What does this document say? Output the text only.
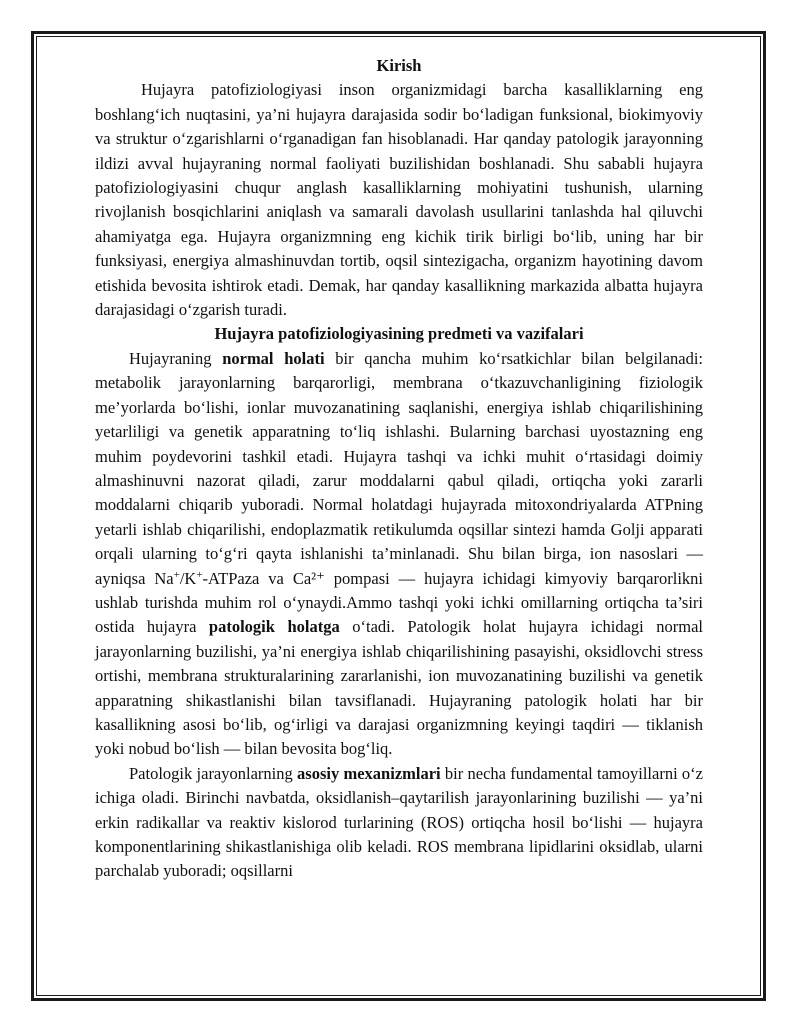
Kirish

Hujayra patofiziologiyasi inson organizmidagi barcha kasalliklarning eng boshlang‘ich nuqtasini, ya’ni hujayra darajasida sodir bo‘ladigan funksional, biokimyoviy va struktur o‘zgarishlarni o‘rganadigan fan hisoblanadi. Har qanday patologik jarayonning ildizi avval hujayraning normal faoliyati buzilishidan boshlanadi. Shu sababli hujayra patofiziologiyasini chuqur anglash kasalliklarning mohiyatini tushunish, ularning rivojlanish bosqichlarini aniqlash va samarali davolash usullarini tanlashda hal qiluvchi ahamiyatga ega. Hujayra organizmning eng kichik tirik birligi bo‘lib, uning har bir funksiyasi, energiya almashinuvdan tortib, oqsil sintezigacha, organizm hayotining davom etishida bevosita ishtirok etadi. Demak, har qanday kasallikning markazida albatta hujayra darajasidagi o‘zgarish turadi.

Hujayra patofiziologiyasining predmeti va vazifalari

Hujayraning normal holati bir qancha muhim ko‘rsatkichlar bilan belgilanadi: metabolik jarayonlarning barqarorligi, membrana o‘tkazuvchanligining fiziologik me’yorlarda bo‘lishi, ionlar muvozanatining saqlanishi, energiya ishlab chiqarilishining yetarliligi va genetik apparatning to‘liq ishlashi. Bularning barchasi uyostazning eng muhim poydevorini tashkil etadi. Hujayra tashqi va ichki muhit o‘rtasidagi doimiy almashinuvni nazorat qiladi, zarur moddalarni qabul qiladi, ortiqcha yoki zararli moddalarni chiqarib yuboradi. Normal holatdagi hujayrada mitoxondriyalarda ATPning yetarli ishlab chiqarilishi, endoplazmatik retikulumda oqsillar sintezi hamda Golji apparati orqali ularning to‘g‘ri qayta ishlanishi ta’minlanadi. Shu bilan birga, ion nasoslari — ayniqsa Na+/K+-ATPaza va Ca²⁺ pompasi — hujayra ichidagi kimyoviy barqarorlikni ushlab turishda muhim rol o‘ynaydi.Ammo tashqi yoki ichki omillarning ortiqcha ta’siri ostida hujayra patologik holatga o‘tadi. Patologik holat hujayra ichidagi normal jarayonlarning buzilishi, ya’ni energiya ishlab chiqarilishining pasayishi, oksidlovchi stress ortishi, membrana strukturalarining zararlanishi, ion muvozanatining buzilishi va genetik apparatning shikastlanishi bilan tavsiflanadi. Hujayraning patologik holati har bir kasallikning asosi bo‘lib, og‘irligi va darajasi organizmning keyingi taqdiri — tiklanish yoki nobud bo‘lish — bilan bevosita bog‘liq.

Patologik jarayonlarning asosiy mexanizmlari bir necha fundamental tamoyillarni o‘z ichiga oladi. Birinchi navbatda, oksidlanish–qaytarilish jarayonlarining buzilishi — ya’ni erkin radikallar va reaktiv kislorod turlarining (ROS) ortiqcha hosil bo‘lishi — hujayra komponentlarining shikastlanishiga olib keladi. ROS membrana lipidlarini oksidlab, ularni parchalab yuboradi; oqsillarni
